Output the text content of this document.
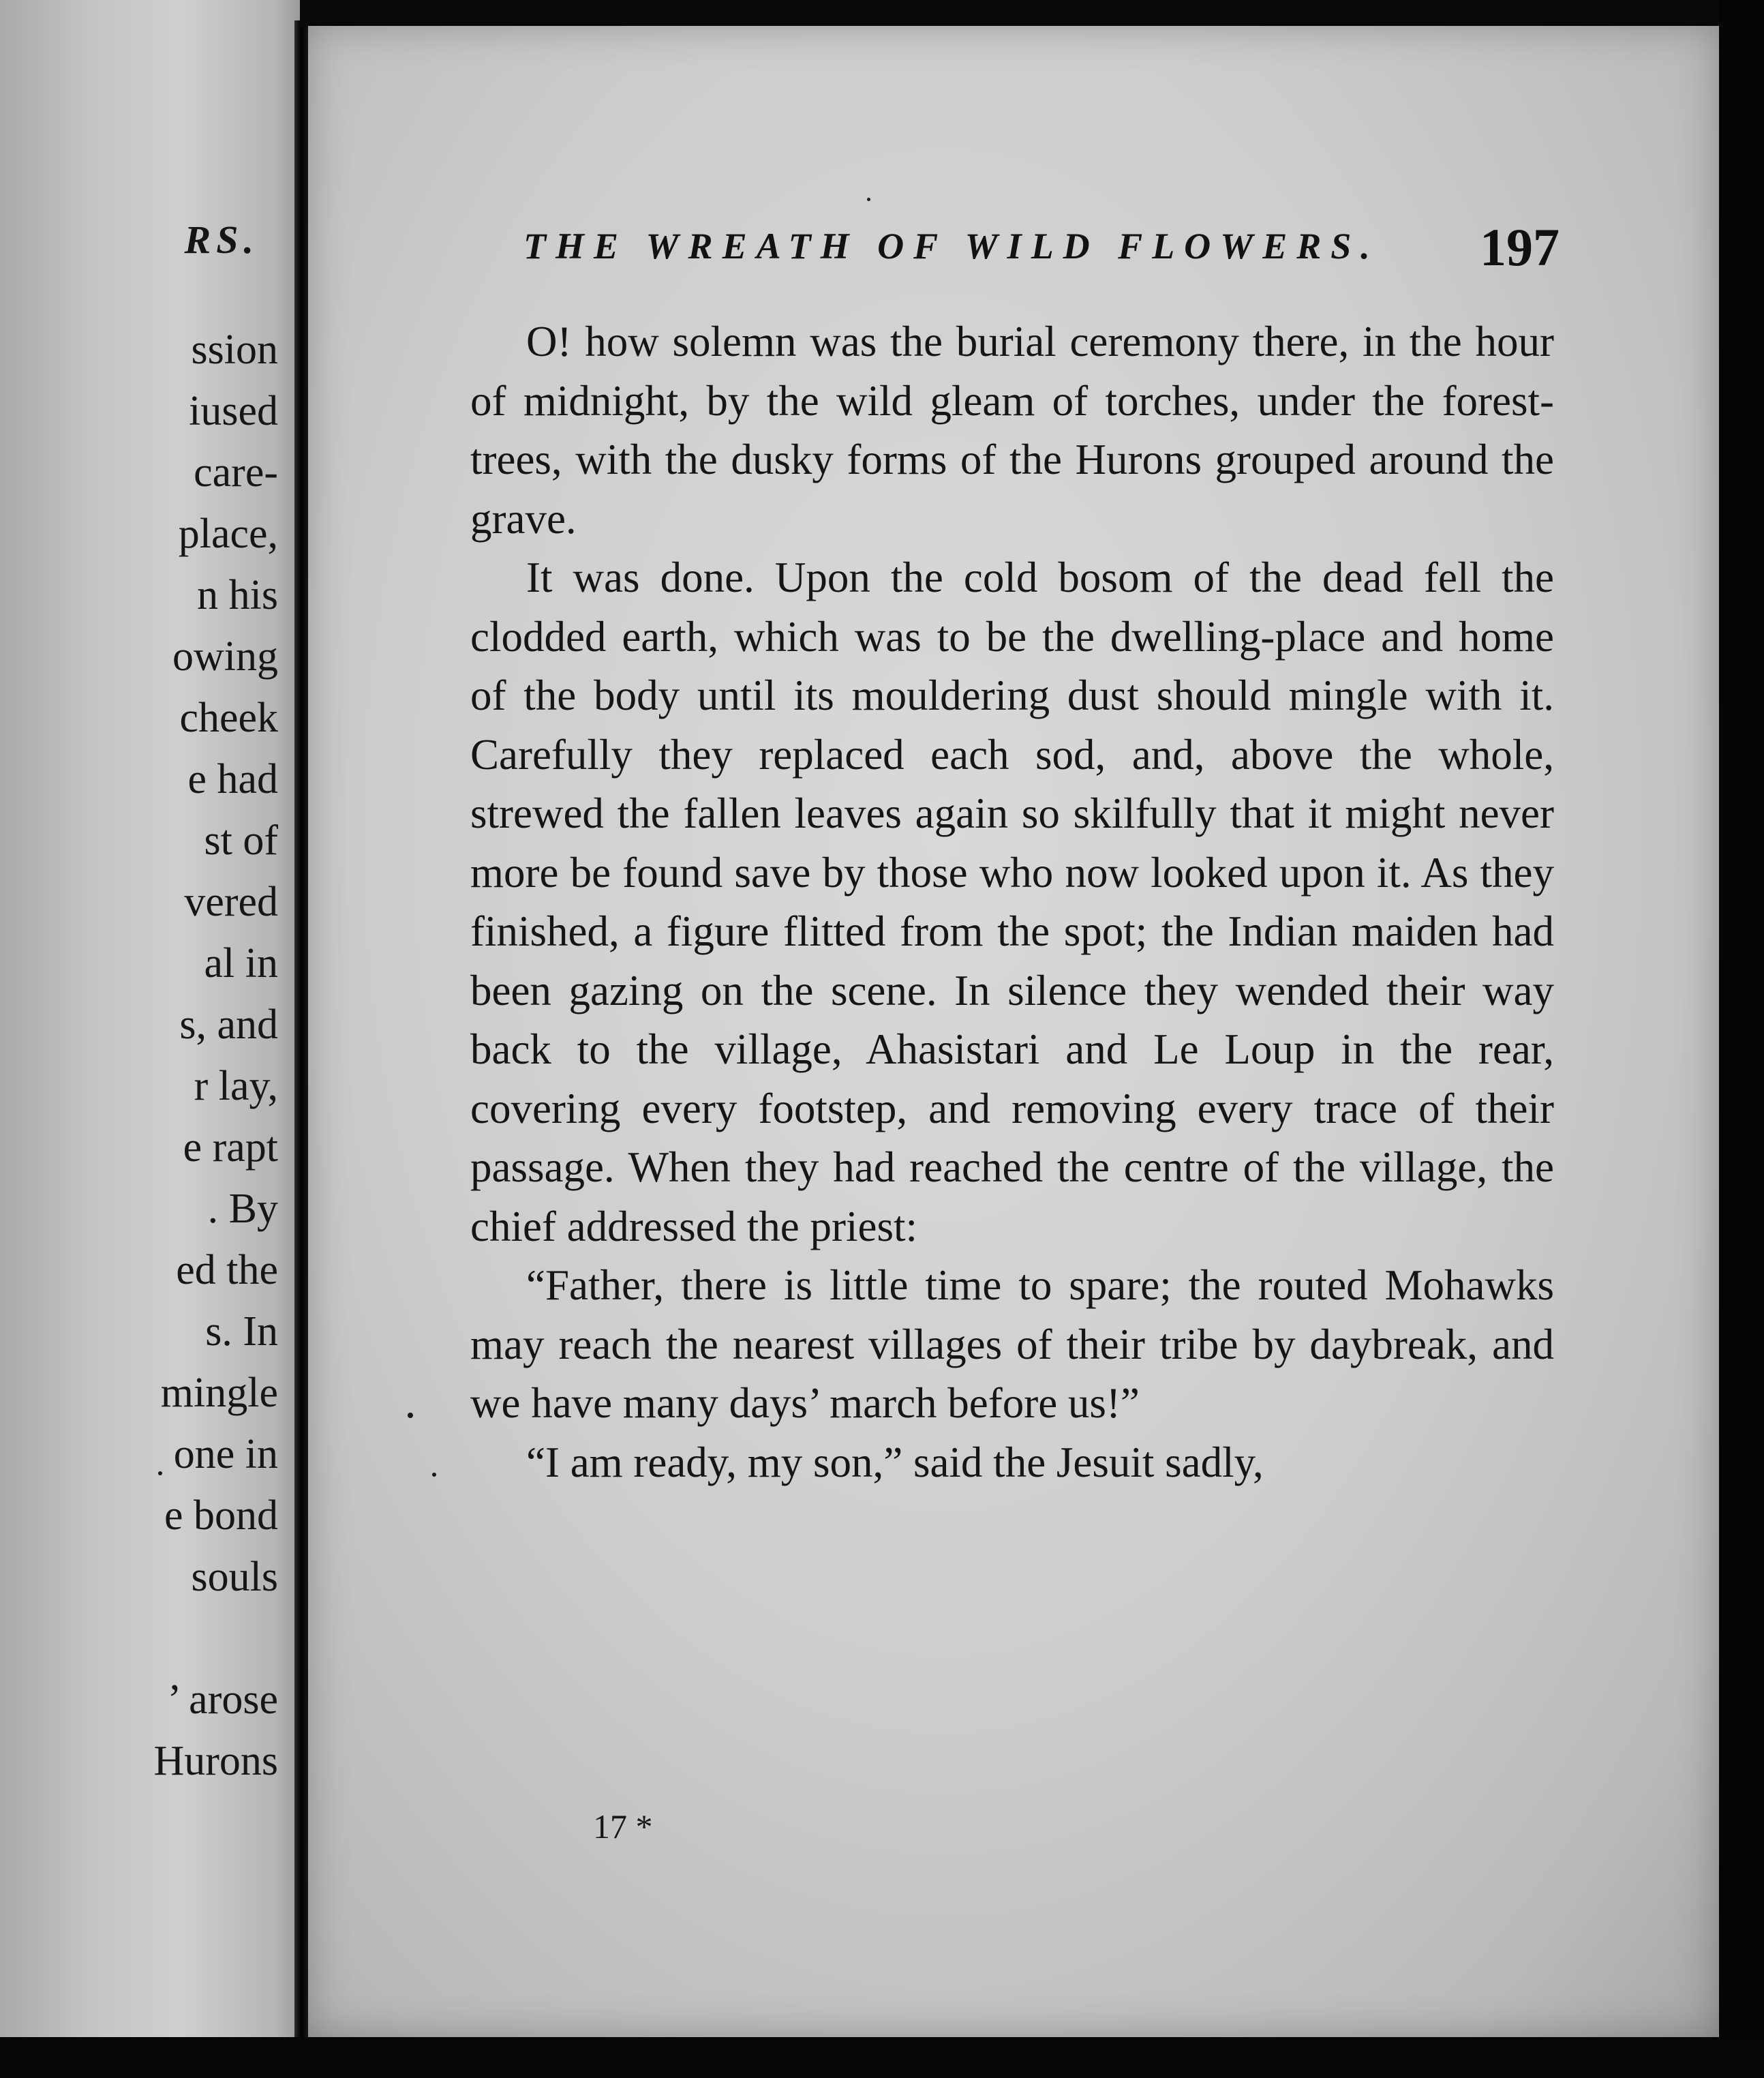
RS.
ssion
iused
care-
place,
n his
owing
cheek
e had
st of
vered
al in
s, and
r lay,
e rapt
. By
ed the
s. In
mingle
one in
e bond
souls
’ arose
Hurons
THE WREATH OF WILD FLOWERS. 197

O! how solemn was the burial ceremony there, in the hour of midnight, by the wild gleam of torches, under the forest-trees, with the dusky forms of the Hurons grouped around the grave.

It was done. Upon the cold bosom of the dead fell the clodded earth, which was to be the dwelling-place and home of the body until its mouldering dust should mingle with it. Carefully they replaced each sod, and, above the whole, strewed the fallen leaves again so skilfully that it might never more be found save by those who now looked upon it. As they finished, a figure flitted from the spot; the Indian maiden had been gazing on the scene. In silence they wended their way back to the village, Ahasistari and Le Loup in the rear, covering every footstep, and removing every trace of their passage. When they had reached the centre of the village, the chief addressed the priest:

“Father, there is little time to spare; the routed Mohawks may reach the nearest villages of their tribe by daybreak, and we have many days’ march before us!”

“I am ready, my son,” said the Jesuit sadly,

17 *
